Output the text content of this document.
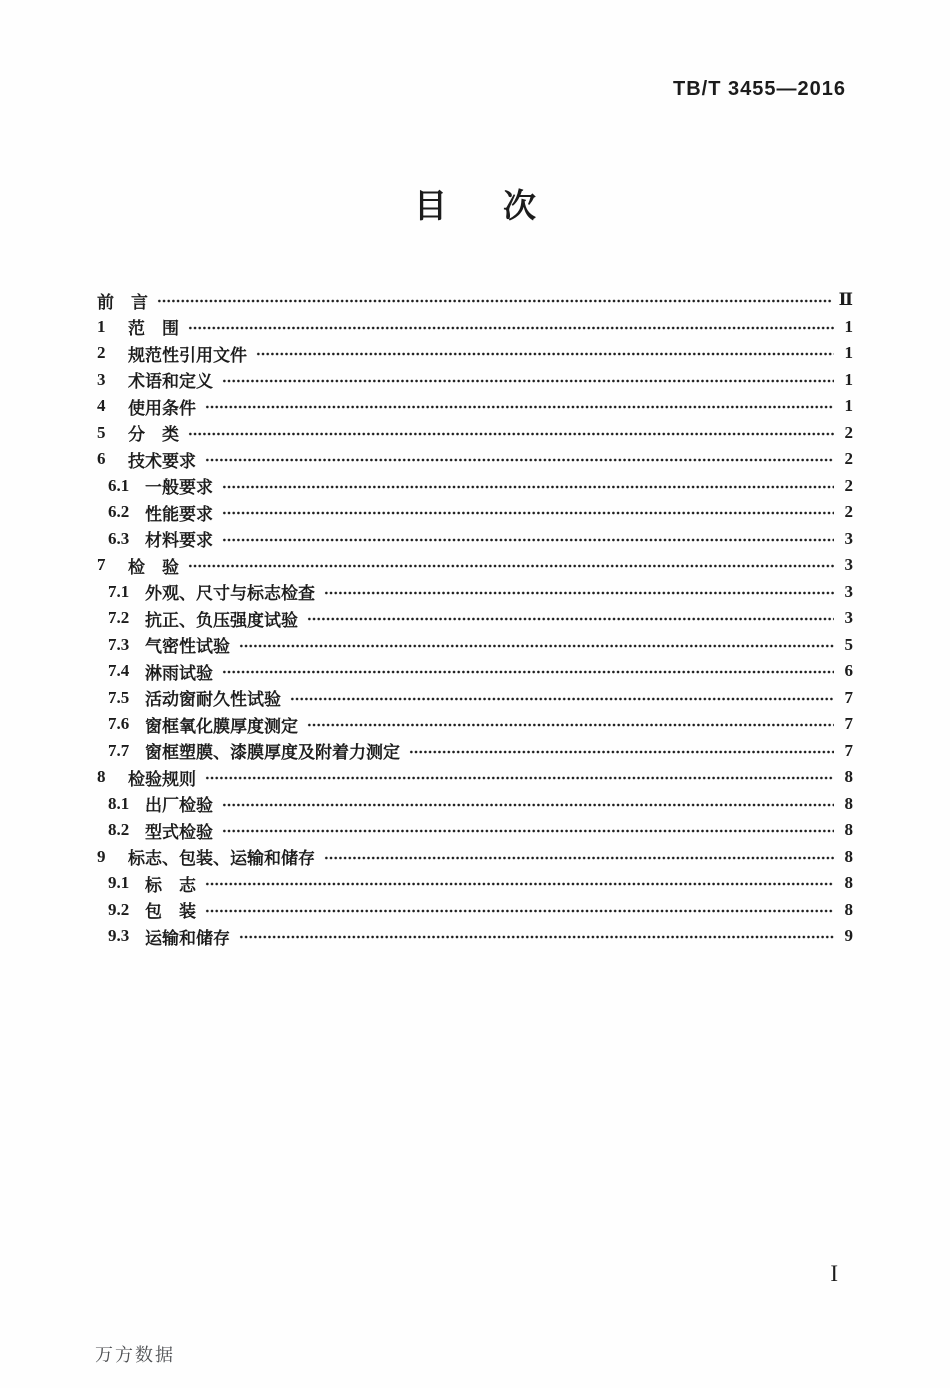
TB/T 3455—2016
目　次
前　言	Ⅱ
1	范　围	1
2	规范性引用文件	1
3	术语和定义	1
4	使用条件	1
5	分　类	2
6	技术要求	2
6.1 一般要求	2
6.2 性能要求	2
6.3 材料要求	3
7	检　验	3
7.1 外观、尺寸与标志检查	3
7.2 抗正、负压强度试验	3
7.3 气密性试验	5
7.4 淋雨试验	6
7.5 活动窗耐久性试验	7
7.6 窗框氧化膜厚度测定	7
7.7 窗框塑膜、漆膜厚度及附着力测定	7
8	检验规则	8
8.1 出厂检验	8
8.2 型式检验	8
9	标志、包装、运输和储存	8
9.1 标　志	8
9.2 包　装	8
9.3 运输和储存	9
I
万方数据
